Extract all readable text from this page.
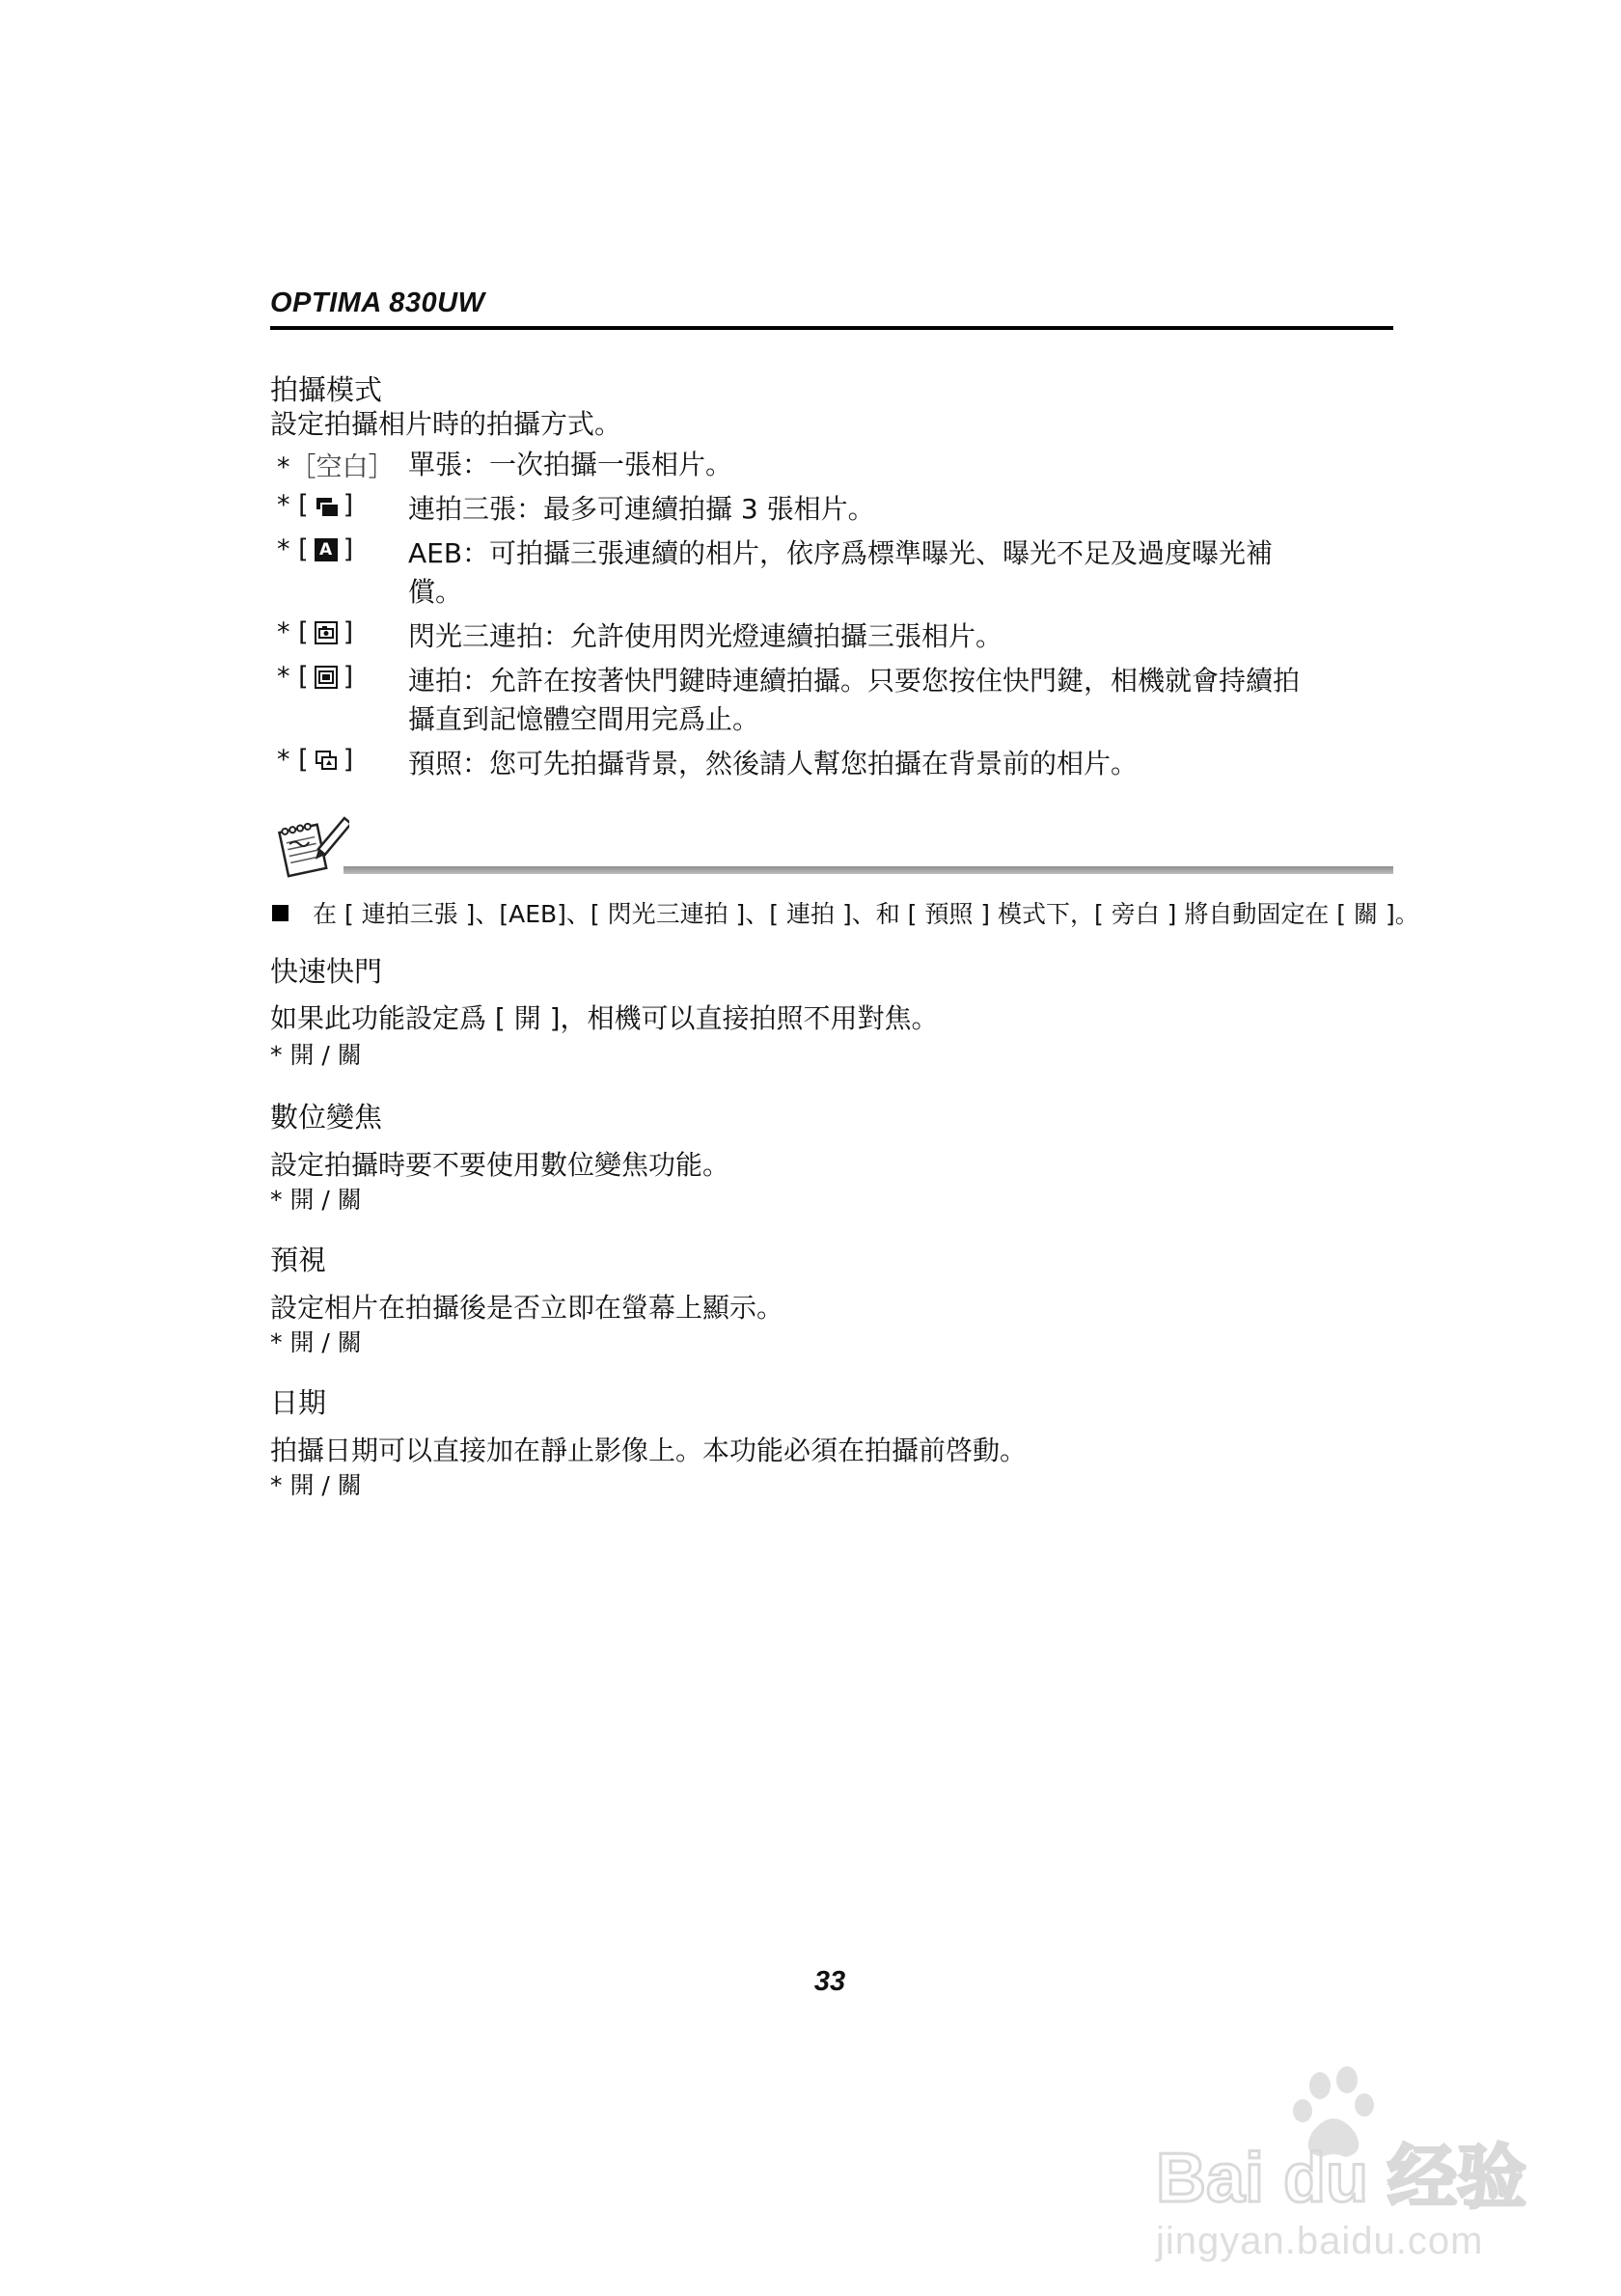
OPTIMA 830UW
拍攝模式
設定拍攝相片時的拍攝方式。
*［ 空白 ］ 單張：一次拍攝一張相片。
* [ ] 連拍三張：最多可連續拍攝 3 張相片。
* [ A ] AEB：可拍攝三張連續的相片，依序爲標準曝光、曝光不足及過度曝光補
償。
* [ ] 閃光三連拍：允許使用閃光燈連續拍攝三張相片。
* [ ] 連拍：允許在按著快門鍵時連續拍攝。只要您按住快門鍵，相機就會持續拍
攝直到記憶體空間用完爲止。
* [ ] 預照：您可先拍攝背景，然後請人幫您拍攝在背景前的相片。
在 [ 連拍三張 ]、[AEB]、[ 閃光三連拍 ]、[ 連拍 ]、和 [ 預照 ] 模式下，[ 旁白 ] 將自動固定在 [ 關 ]。
快速快門
如果此功能設定爲 [ 開 ]，相機可以直接拍照不用對焦。
* 開 / 關
數位變焦
設定拍攝時要不要使用數位變焦功能。
* 開 / 關
預視
設定相片在拍攝後是否立即在螢幕上顯示。
* 開 / 關
日期
拍攝日期可以直接加在靜止影像上。本功能必須在拍攝前啓動。
* 開 / 關
33
Bai du 经验
jingyan.baidu.com
